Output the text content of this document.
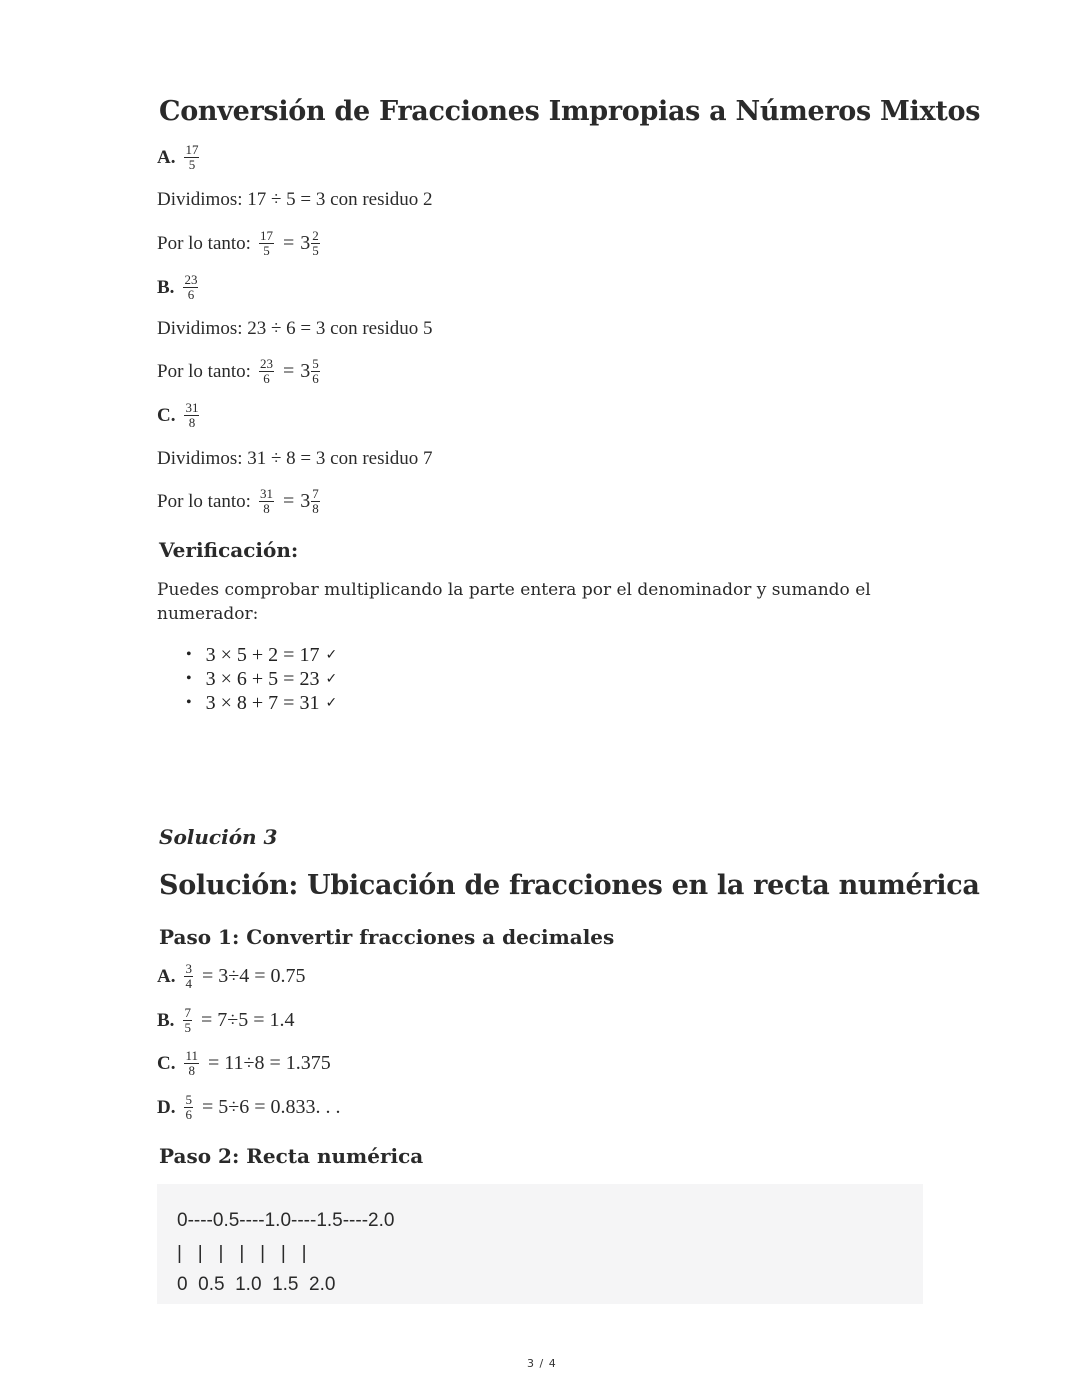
Conversión de Fracciones Impropias a Números Mixtos
A. $\frac{17}{5}$
Dividimos: 17 ÷ 5 = 3 con residuo 2
Por lo tanto: $\frac{17}{5} = 3 \frac{2}{5}$
B. $\frac{23}{6}$
Dividimos: 23 ÷ 6 = 3 con residuo 5
Por lo tanto: $\frac{23}{6} = 3 \frac{5}{6}$
C. $\frac{31}{8}$
Dividimos: 31 ÷ 8 = 3 con residuo 7
Por lo tanto: $\frac{31}{8} = 3 \frac{7}{8}$
Verificación:
Puedes comprobar multiplicando la parte entera por el denominador y sumando el numerador:
• 3 × 5 + 2 = 17 ✓
• 3 × 6 + 5 = 23 ✓
• 3 × 8 + 7 = 31 ✓
Solución 3
Solución: Ubicación de fracciones en la recta numérica
Paso 1: Convertir fracciones a decimales
A. $\frac{3}{4} = 3\div 4 = 0.75$
B. $\frac{7}{5} = 7\div 5 = 1.4$
C. $\frac{11}{8} = 11\div 8 = 1.375$
D. $\frac{5}{6} = 5\div 6 = 0.833$. . .
Paso 2: Recta numérica
0----0.5----1.0----1.5----2.0
|   |   |   |   |   |   |
0  0.5  1.0  1.5  2.0
3 / 4
